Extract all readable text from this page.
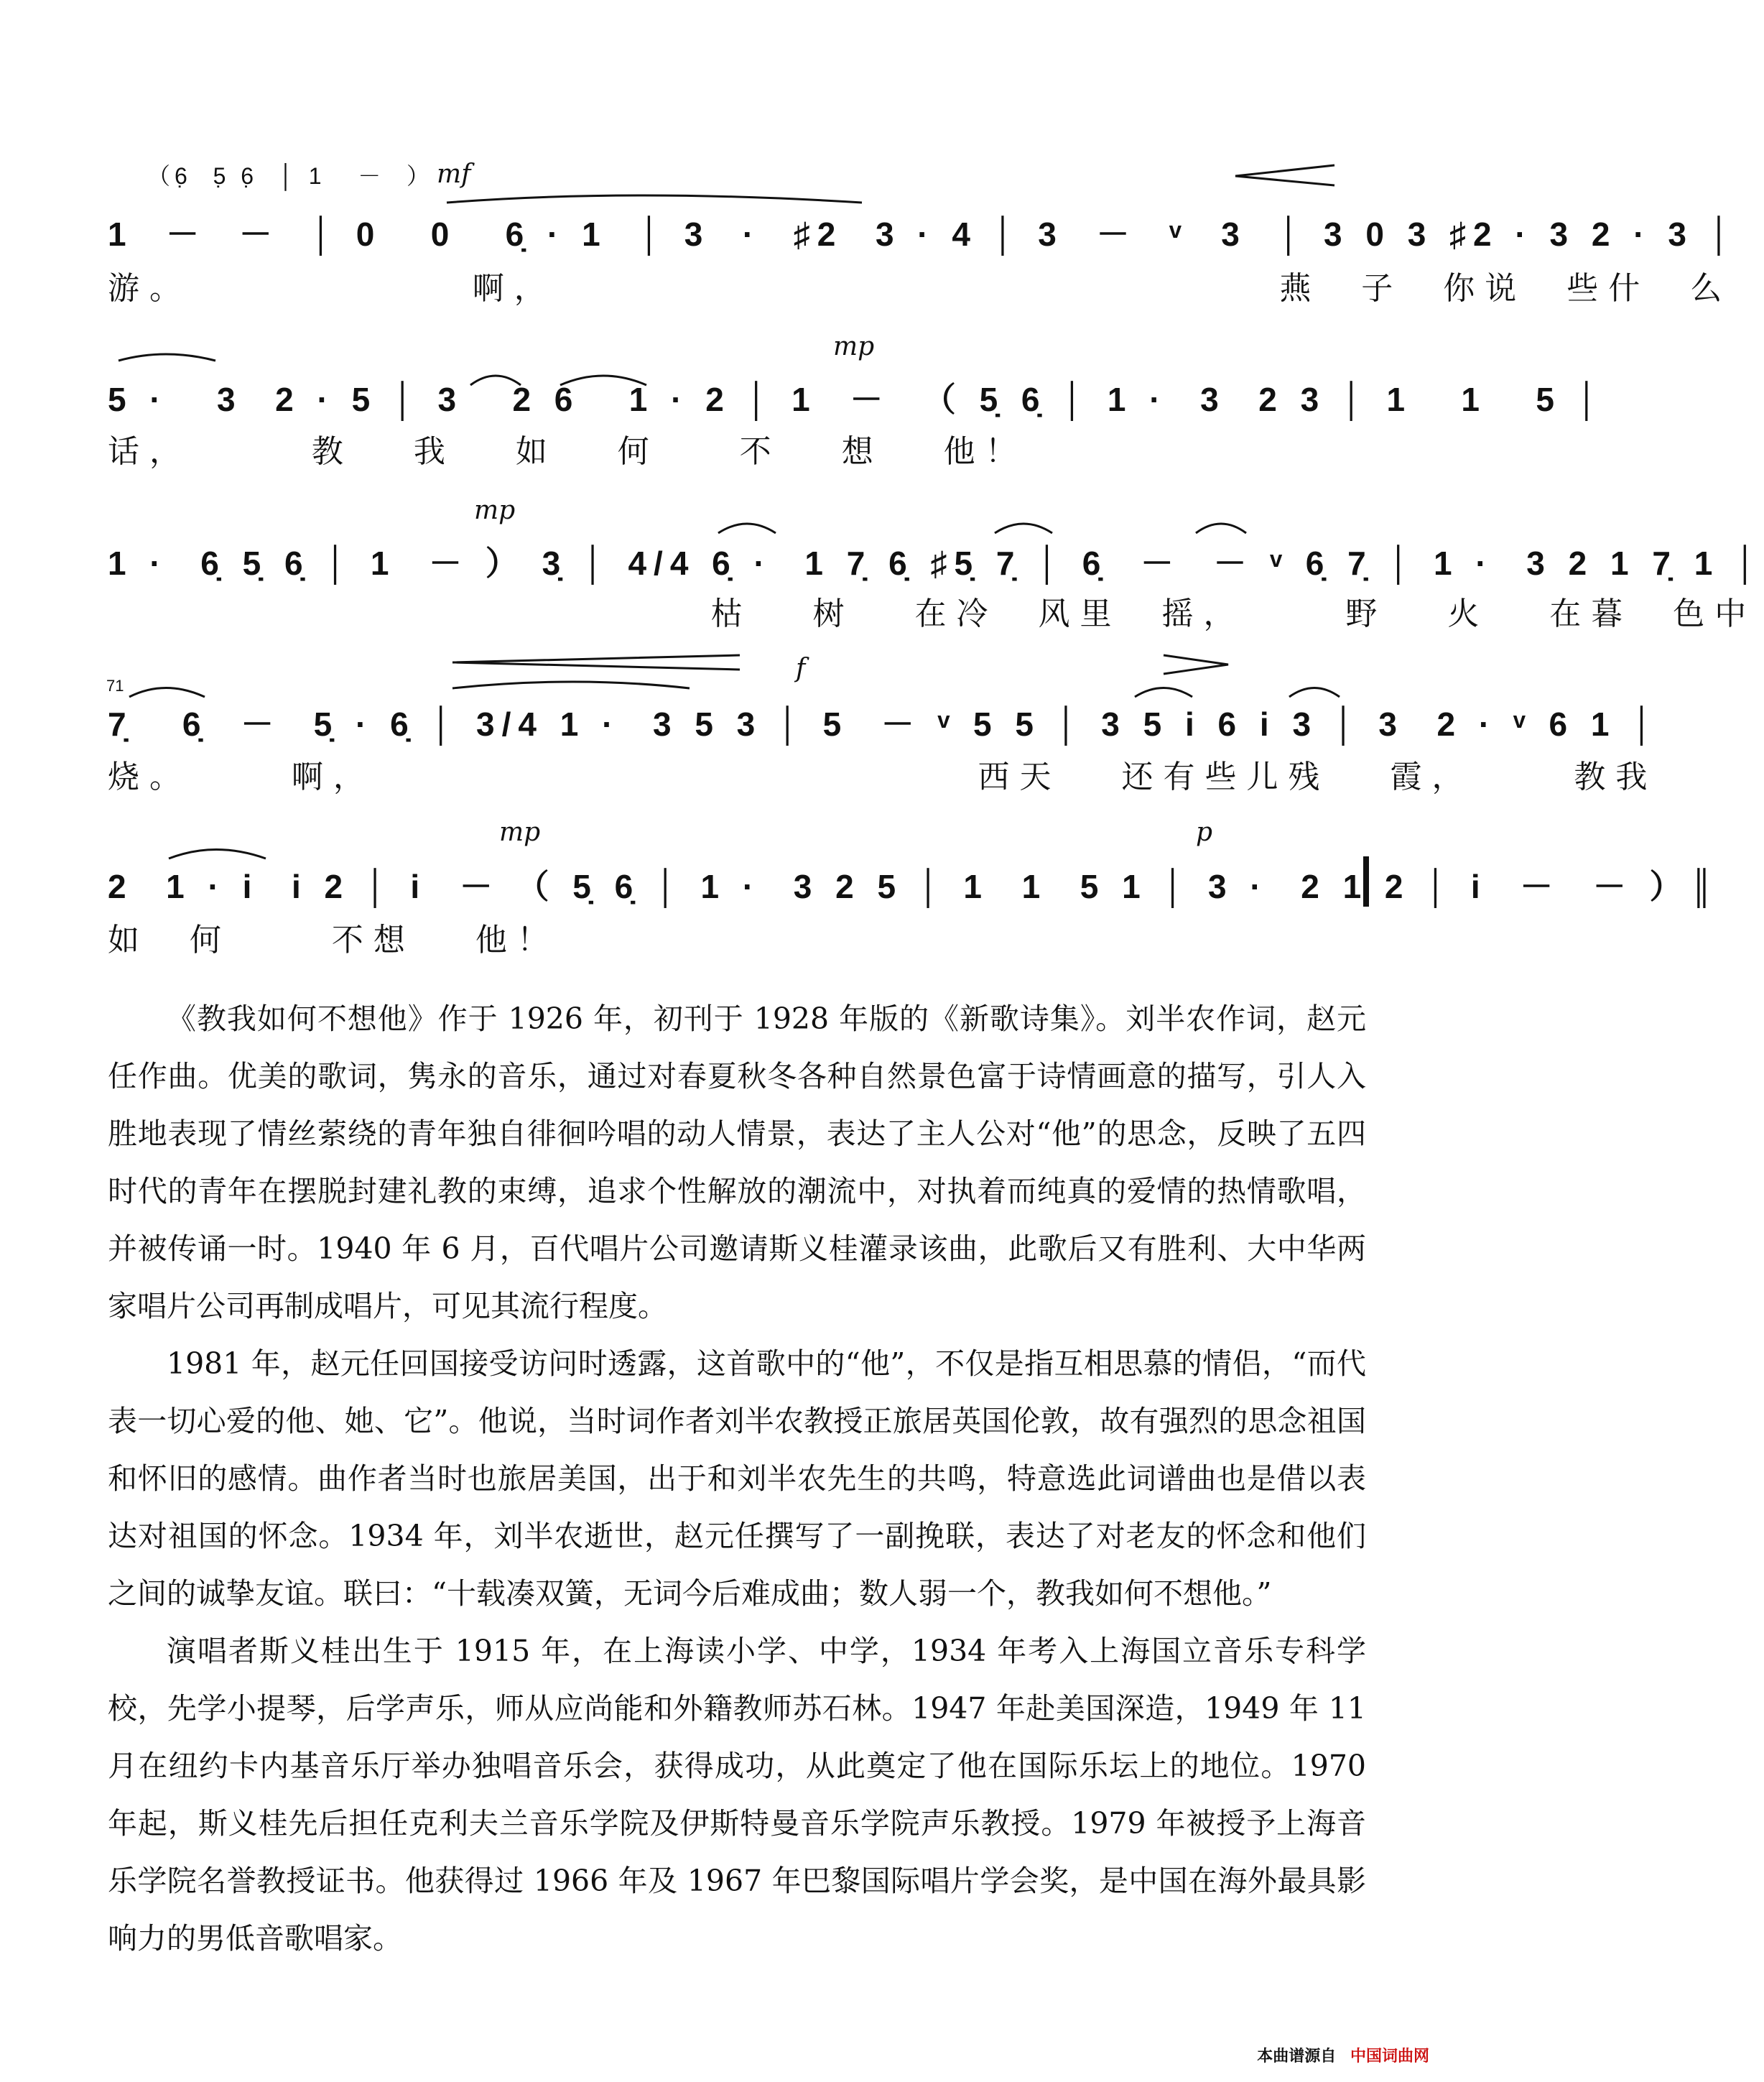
（6̣  5̣ 6̣  │ 1   －  ） mf
1  －  －  │ 0   0   6̣ · 1  │ 3  ·  ♯2  3 · 4 │ 3  －  ᵛ  3  │ 3 0 3 ♯2 · 3 2 · 3 │
游。              啊，                                    燕  子  你说  些什  么
mp
5 ·   3  2 · 5 │ 3   2 6   1 · 2 │ 1  －  （ 5̣ 6̣ │ 1 ·  3  2 3 │ 1   1   5 │
话，      教   我   如   何    不   想   他！
mp
1 ·  6̣ 5̣ 6̣ │ 1  － ） 3̣ │ 4/4 6̣ ·  1 7̣ 6̣ ♯5̣ 7̣ │ 6̣  －  － ᵛ 6̣ 7̣ │ 1 ·  3 2 1 7̣ 1 │
枯   树   在冷  风里  摇，     野   火   在暮  色中
f
71
7̣   6̣  －  5̣ · 6̣ │ 3/4 1 ·  3 5 3 │ 5  － ᵛ 5 5 │ 3 5 i 6 i 3 │ 3  2 · ᵛ 6 1 │
烧。     啊，                              西天   还有些儿残   霞，     教我
mp	p
2  1 · i  i 2 │ i  － （ 5̣ 6̣ │ 1 ·  3 2 5 │ 1  1  5 1 │ 3 ·  2 1 2 │ i  －  － ）║
如  何     不想   他！

《教我如何不想他》作于 1926 年，初刊于 1928 年版的《新歌诗集》。刘半农作词，赵元任作曲。优美的歌词，隽永的音乐，通过对春夏秋冬各种自然景色富于诗情画意的描写，引人入胜地表现了情丝萦绕的青年独自徘徊吟唱的动人情景，表达了主人公对“他”的思念，反映了五四时代的青年在摆脱封建礼教的束缚，追求个性解放的潮流中，对执着而纯真的爱情的热情歌唱，并被传诵一时。1940 年 6 月，百代唱片公司邀请斯义桂灌录该曲，此歌后又有胜利、大中华两家唱片公司再制成唱片，可见其流行程度。

1981 年，赵元任回国接受访问时透露，这首歌中的“他”，不仅是指互相思慕的情侣，“而代表一切心爱的他、她、它”。他说，当时词作者刘半农教授正旅居英国伦敦，故有强烈的思念祖国和怀旧的感情。曲作者当时也旅居美国，出于和刘半农先生的共鸣，特意选此词谱曲也是借以表达对祖国的怀念。1934 年，刘半农逝世，赵元任撰写了一副挽联，表达了对老友的怀念和他们之间的诚挚友谊。联曰：“十载凑双簧，无词今后难成曲；数人弱一个，教我如何不想他。”

演唱者斯义桂出生于 1915 年，在上海读小学、中学，1934 年考入上海国立音乐专科学校，先学小提琴，后学声乐，师从应尚能和外籍教师苏石林。1947 年赴美国深造，1949 年 11 月在纽约卡内基音乐厅举办独唱音乐会，获得成功，从此奠定了他在国际乐坛上的地位。1970 年起，斯义桂先后担任克利夫兰音乐学院及伊斯特曼音乐学院声乐教授。1979 年被授予上海音乐学院名誉教授证书。他获得过 1966 年及 1967 年巴黎国际唱片学会奖，是中国在海外最具影响力的男低音歌唱家。

本曲谱源自 中国词曲网
